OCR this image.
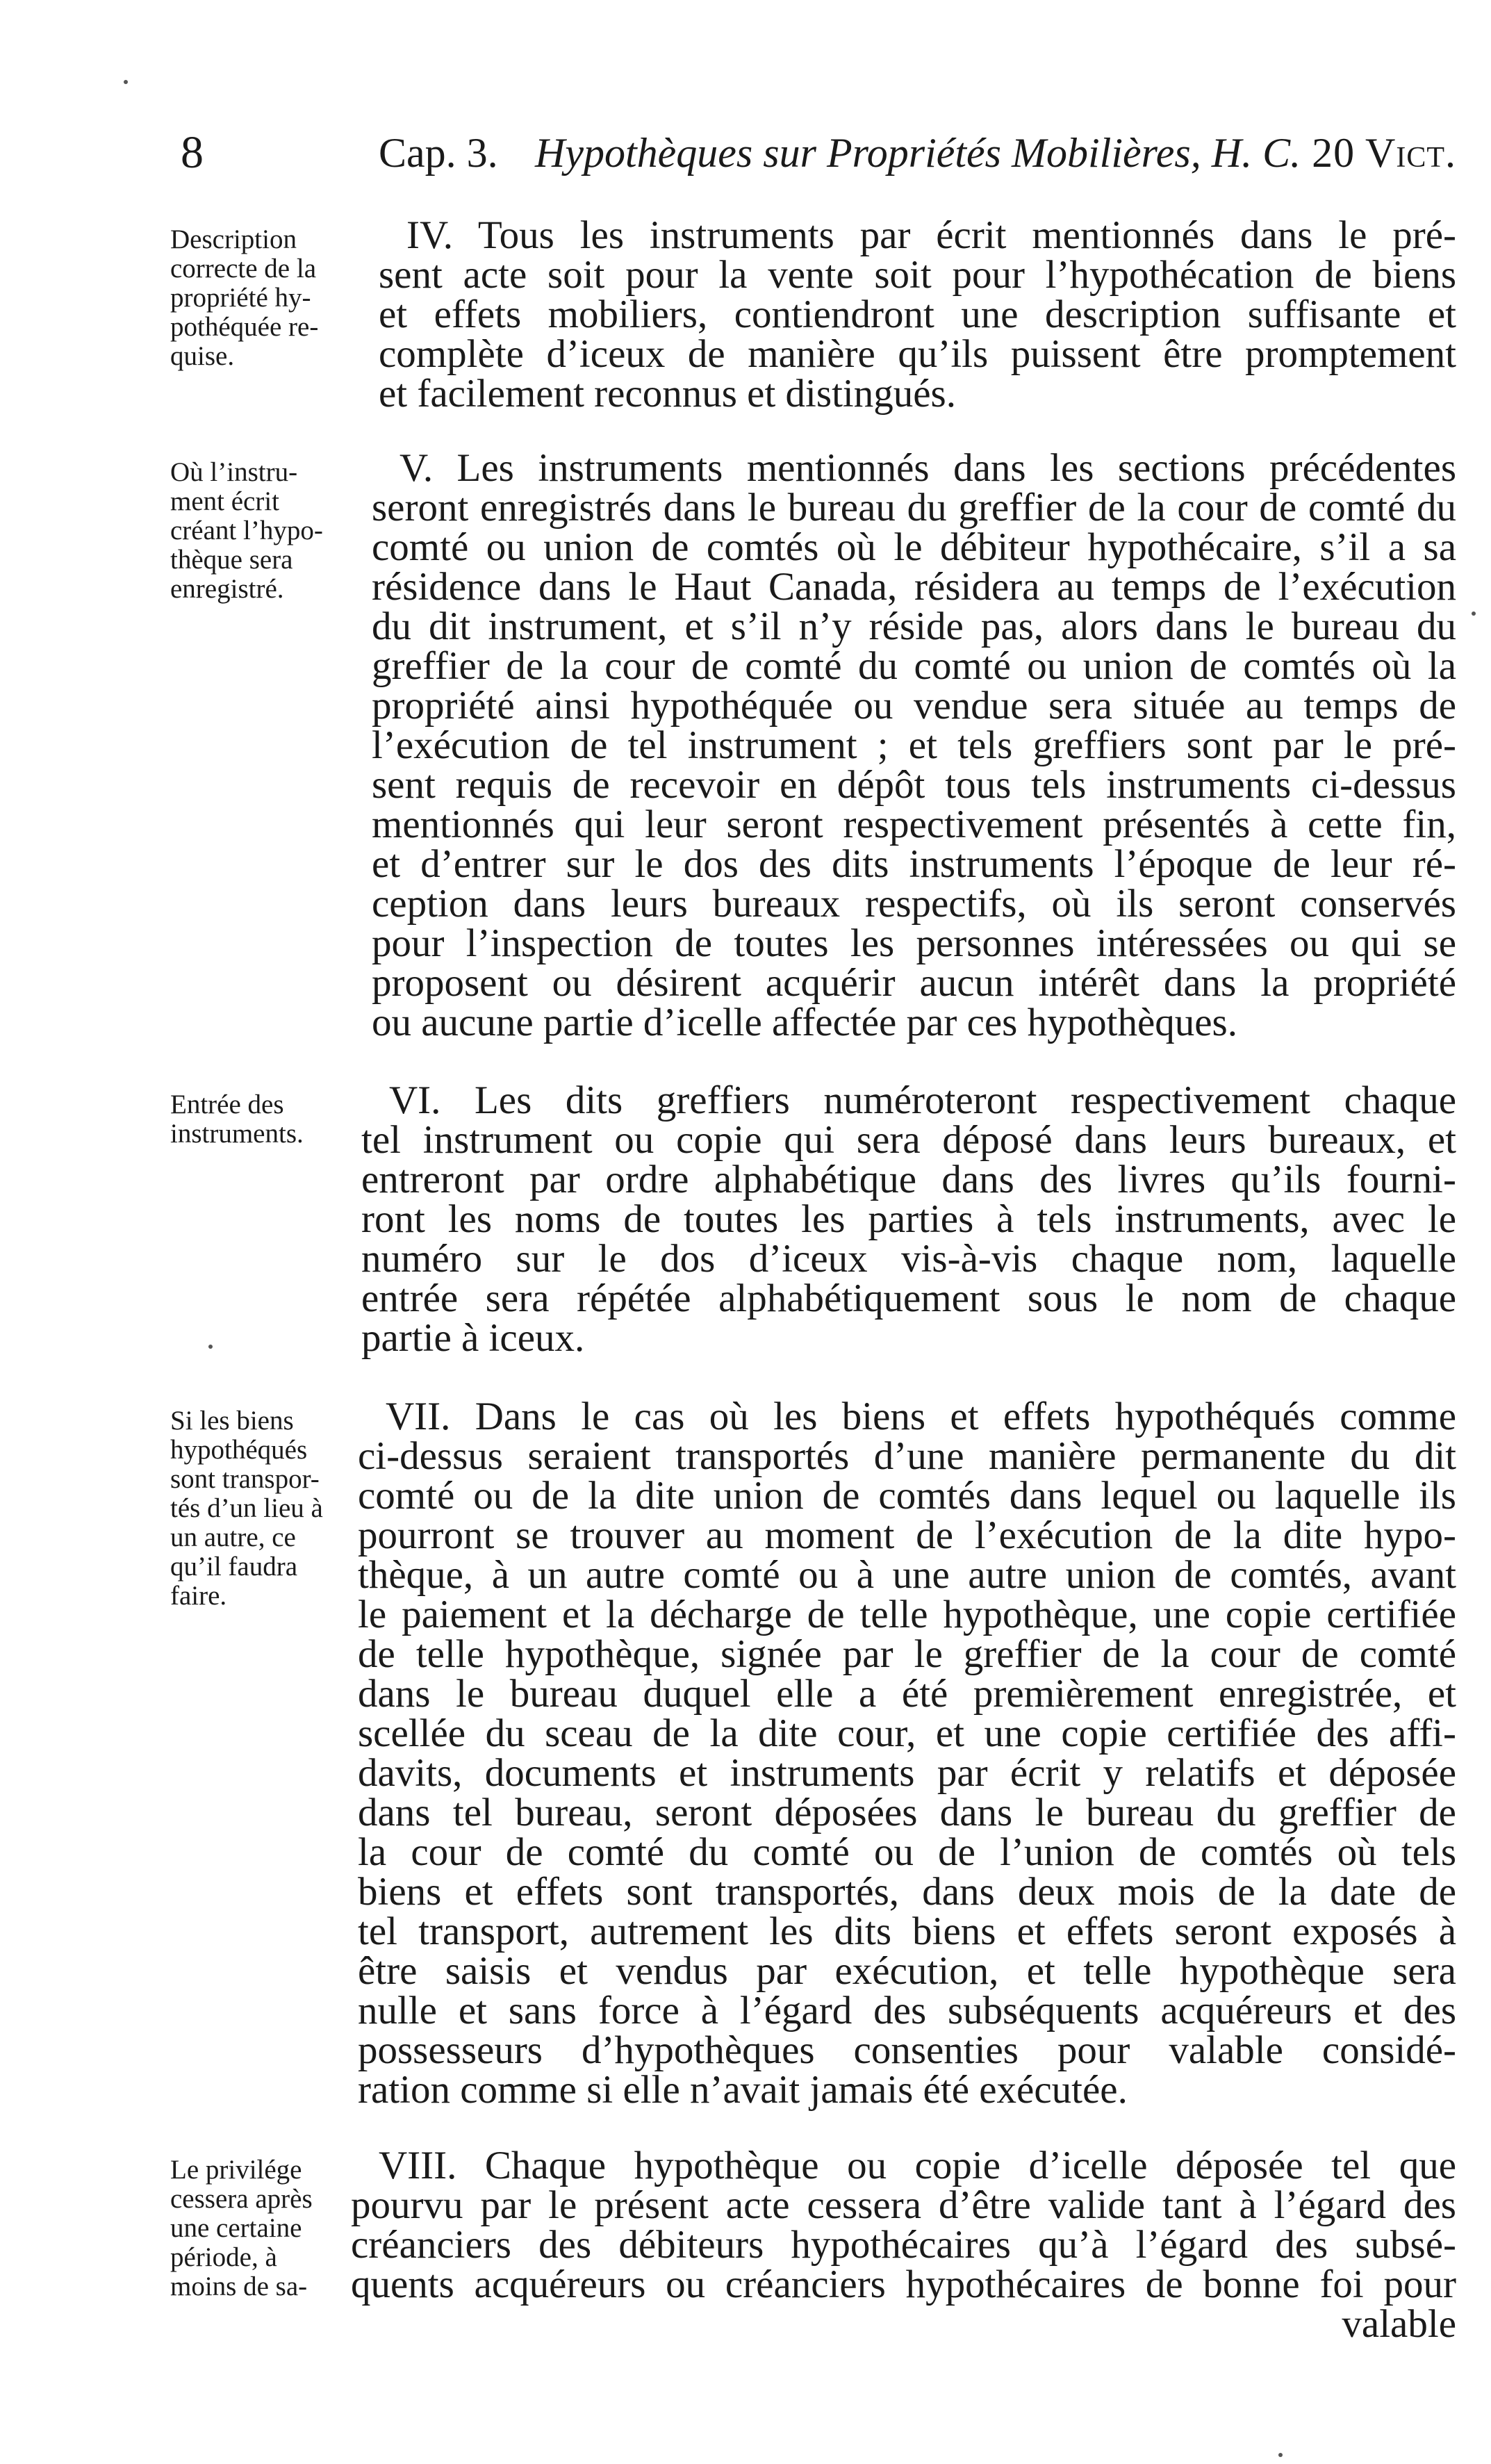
8	Cap. 3. Hypothèques sur Propriétés Mobilières, H. C. 20 Vict.
Description
correcte de la
propriété hy-
pothéquée re-
quise.
IV. Tous les instruments par écrit mentionnés dans le pré-
sent acte soit pour la vente soit pour l’hypothécation de biens
et effets mobiliers, contiendront une description suffisante et
complète d’iceux de manière qu’ils puissent être promptement
et facilement reconnus et distingués.
Où l’instru-
ment écrit
créant l’hypo-
thèque sera
enregistré.
V. Les instruments mentionnés dans les sections précédentes
seront enregistrés dans le bureau du greffier de la cour de comté du
comté ou union de comtés où le débiteur hypothécaire, s’il a sa
résidence dans le Haut Canada, résidera au temps de l’exécution
du dit instrument, et s’il n’y réside pas, alors dans le bureau du
greffier de la cour de comté du comté ou union de comtés où la
propriété ainsi hypothéquée ou vendue sera située au temps de
l’exécution de tel instrument ; et tels greffiers sont par le pré-
sent requis de recevoir en dépôt tous tels instruments ci-dessus
mentionnés qui leur seront respectivement présentés à cette fin,
et d’entrer sur le dos des dits instruments l’époque de leur ré-
ception dans leurs bureaux respectifs, où ils seront conservés
pour l’inspection de toutes les personnes intéressées ou qui se
proposent ou désirent acquérir aucun intérêt dans la propriété
ou aucune partie d’icelle affectée par ces hypothèques.
Entrée des
instruments.
VI. Les dits greffiers numéroteront respectivement chaque
tel instrument ou copie qui sera déposé dans leurs bureaux, et
entreront par ordre alphabétique dans des livres qu’ils fourni-
ront les noms de toutes les parties à tels instruments, avec le
numéro sur le dos d’iceux vis-à-vis chaque nom, laquelle
entrée sera répétée alphabétiquement sous le nom de chaque
partie à iceux.
Si les biens
hypothéqués
sont transpor-
tés d’un lieu à
un autre, ce
qu’il faudra
faire.
VII. Dans le cas où les biens et effets hypothéqués comme
ci-dessus seraient transportés d’une manière permanente du dit
comté ou de la dite union de comtés dans lequel ou laquelle ils
pourront se trouver au moment de l’exécution de la dite hypo-
thèque, à un autre comté ou à une autre union de comtés, avant
le paiement et la décharge de telle hypothèque, une copie certifiée
de telle hypothèque, signée par le greffier de la cour de comté
dans le bureau duquel elle a été premièrement enregistrée, et
scellée du sceau de la dite cour, et une copie certifiée des affi-
davits, documents et instruments par écrit y relatifs et déposée
dans tel bureau, seront déposées dans le bureau du greffier de
la cour de comté du comté ou de l’union de comtés où tels
biens et effets sont transportés, dans deux mois de la date de
tel transport, autrement les dits biens et effets seront exposés à
être saisis et vendus par exécution, et telle hypothèque sera
nulle et sans force à l’égard des subséquents acquéreurs et des
possesseurs d’hypothèques consenties pour valable considé-
ration comme si elle n’avait jamais été exécutée.
Le privilége
cessera après
une certaine
période, à
moins de sa-
VIII. Chaque hypothèque ou copie d’icelle déposée tel que
pourvu par le présent acte cessera d’être valide tant à l’égard des
créanciers des débiteurs hypothécaires qu’à l’égard des subsé-
quents acquéreurs ou créanciers hypothécaires de bonne foi pour
valable
